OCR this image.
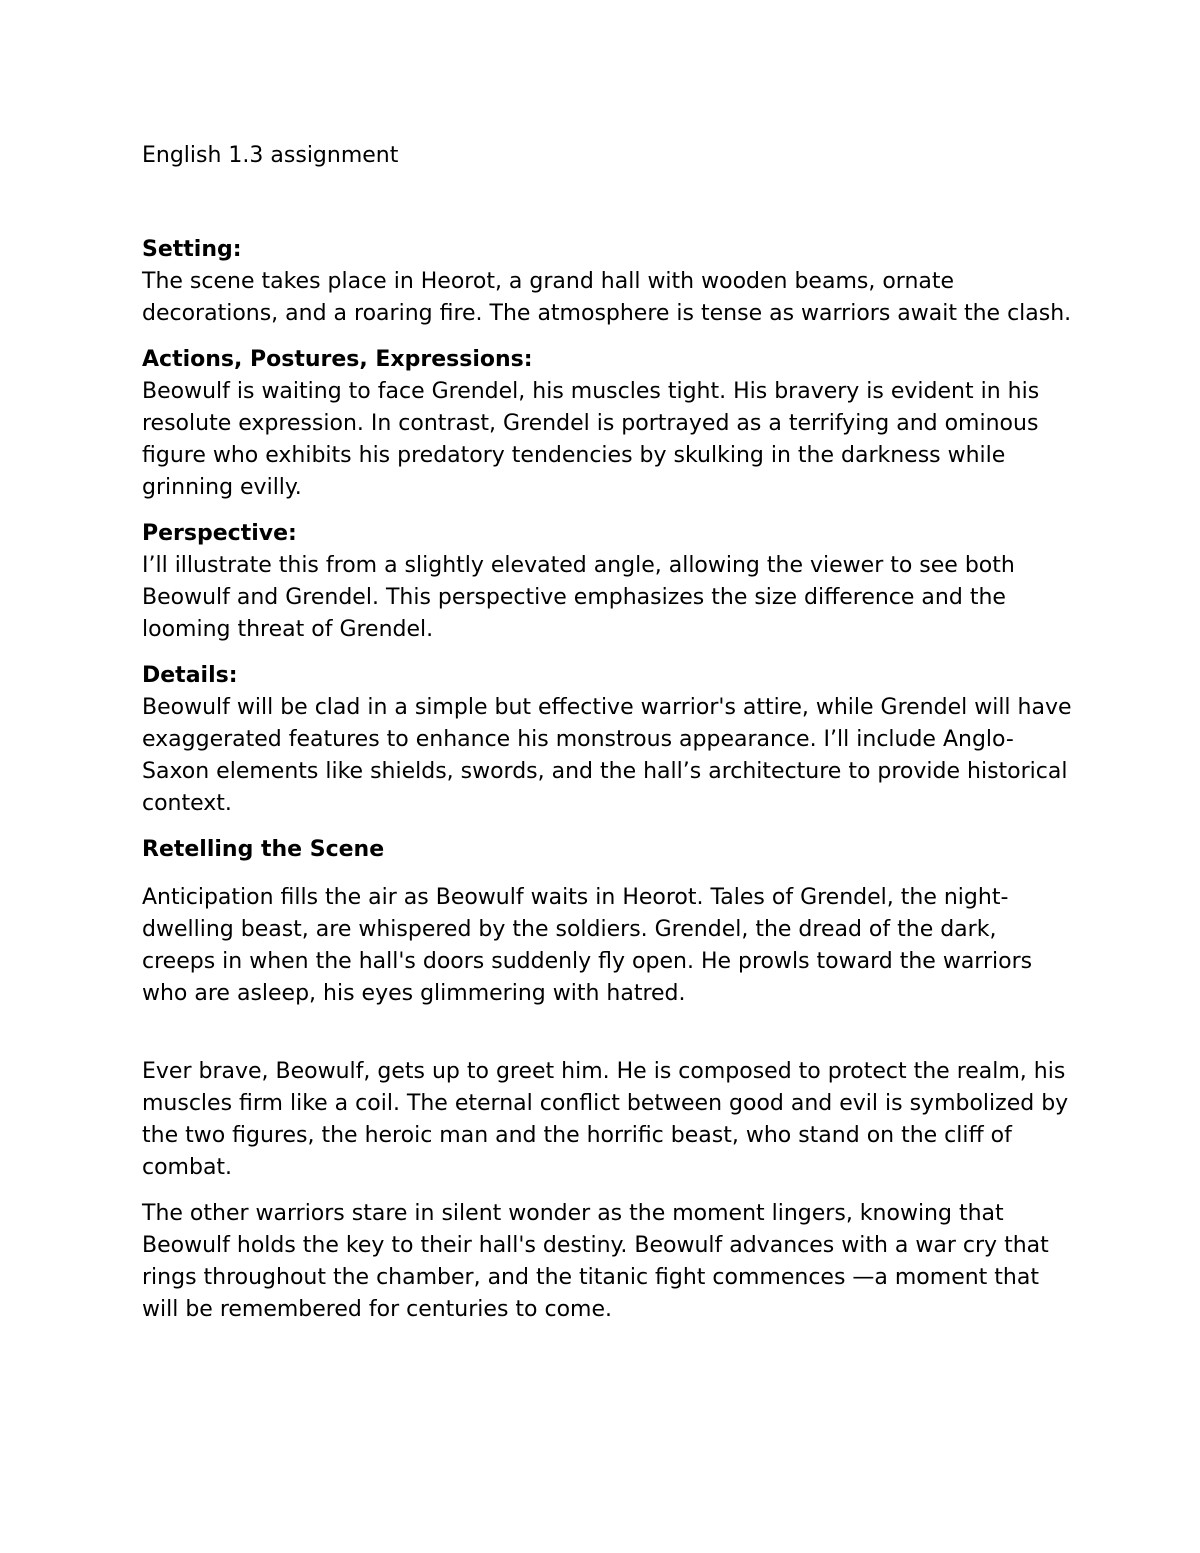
English 1.3 assignment
Setting:
The scene takes place in Heorot, a grand hall with wooden beams, ornate decorations, and a roaring fire. The atmosphere is tense as warriors await the clash.
Actions, Postures, Expressions:
Beowulf is waiting to face Grendel, his muscles tight. His bravery is evident in his resolute expression. In contrast, Grendel is portrayed as a terrifying and ominous figure who exhibits his predatory tendencies by skulking in the darkness while grinning evilly.
Perspective:
I’ll illustrate this from a slightly elevated angle, allowing the viewer to see both Beowulf and Grendel. This perspective emphasizes the size difference and the looming threat of Grendel.
Details:
Beowulf will be clad in a simple but effective warrior's attire, while Grendel will have exaggerated features to enhance his monstrous appearance. I’ll include Anglo-Saxon elements like shields, swords, and the hall’s architecture to provide historical context.
Retelling the Scene
Anticipation fills the air as Beowulf waits in Heorot. Tales of Grendel, the night-dwelling beast, are whispered by the soldiers. Grendel, the dread of the dark, creeps in when the hall's doors suddenly fly open. He prowls toward the warriors who are asleep, his eyes glimmering with hatred.
Ever brave, Beowulf, gets up to greet him. He is composed to protect the realm, his muscles firm like a coil. The eternal conflict between good and evil is symbolized by the two figures, the heroic man and the horrific beast, who stand on the cliff of combat.
The other warriors stare in silent wonder as the moment lingers, knowing that Beowulf holds the key to their hall's destiny. Beowulf advances with a war cry that rings throughout the chamber, and the titanic fight commences —a moment that will be remembered for centuries to come.
